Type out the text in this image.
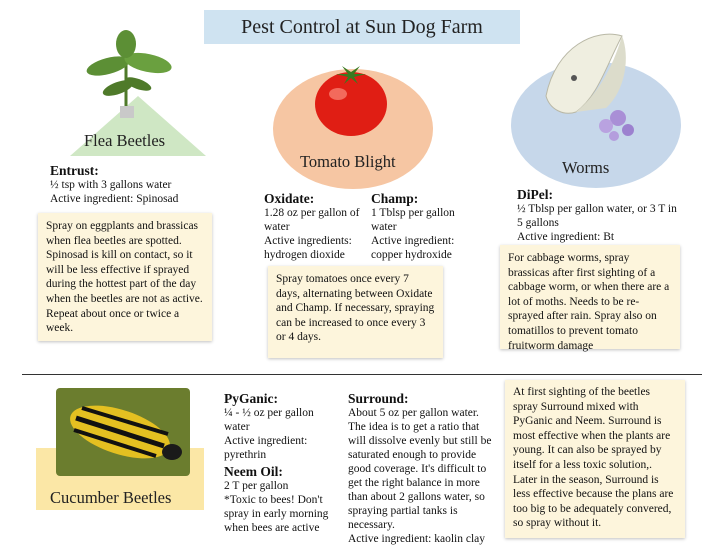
Pest Control at Sun Dog Farm
Flea Beetles

Entrust:

½ tsp with 3 gallons water

Active ingredient: Spinosad

Spray on eggplants and brassicas when flea beetles are spotted. Spinosad is kill on contact, so it will be less effective if sprayed during the hottest part of the day when the beetles are not as active. Repeat about once or twice a week.
Tomato Blight

Oxidate:

1.28 oz per gallon of water

Active ingredients: hydrogen dioxide

Champ:

1 Tblsp per gallon water

Active ingredient: copper hydroxide

Spray tomatoes once every 7 days, alternating between Oxidate and Champ. If necessary, spraying can be increased to once every 3 or 4 days.
Worms

DiPel:

½ Tblsp per gallon water, or 3 T in 5 gallons

Active ingredient: Bt

For cabbage worms, spray brassicas after first sighting of a cabbage worm, or when there are a lot of moths. Needs to be re-sprayed after rain. Spray also on tomatillos to prevent tomato fruitworm damage
Cucumber Beetles

PyGanic:

¼ - ½ oz per gallon water

Active ingredient: pyrethrin

Neem Oil:

2 T per gallon

*Toxic to bees! Don't spray in early morning when bees are active

Surround:

About 5 oz per gallon water. The idea is to get a ratio that will dissolve evenly but still be saturated enough to provide good coverage. It's difficult to get the right balance in more than about 2 gallons water, so spraying partial tanks is necessary.

Active ingredient: kaolin clay

At first sighting of the beetles spray Surround mixed with PyGanic and Neem. Surround is most effective when the plants are young. It can also be sprayed by itself for a less toxic solution,. Later in the season, Surround is less effective because the plans are too big to be adequately convered, so spray without it.
